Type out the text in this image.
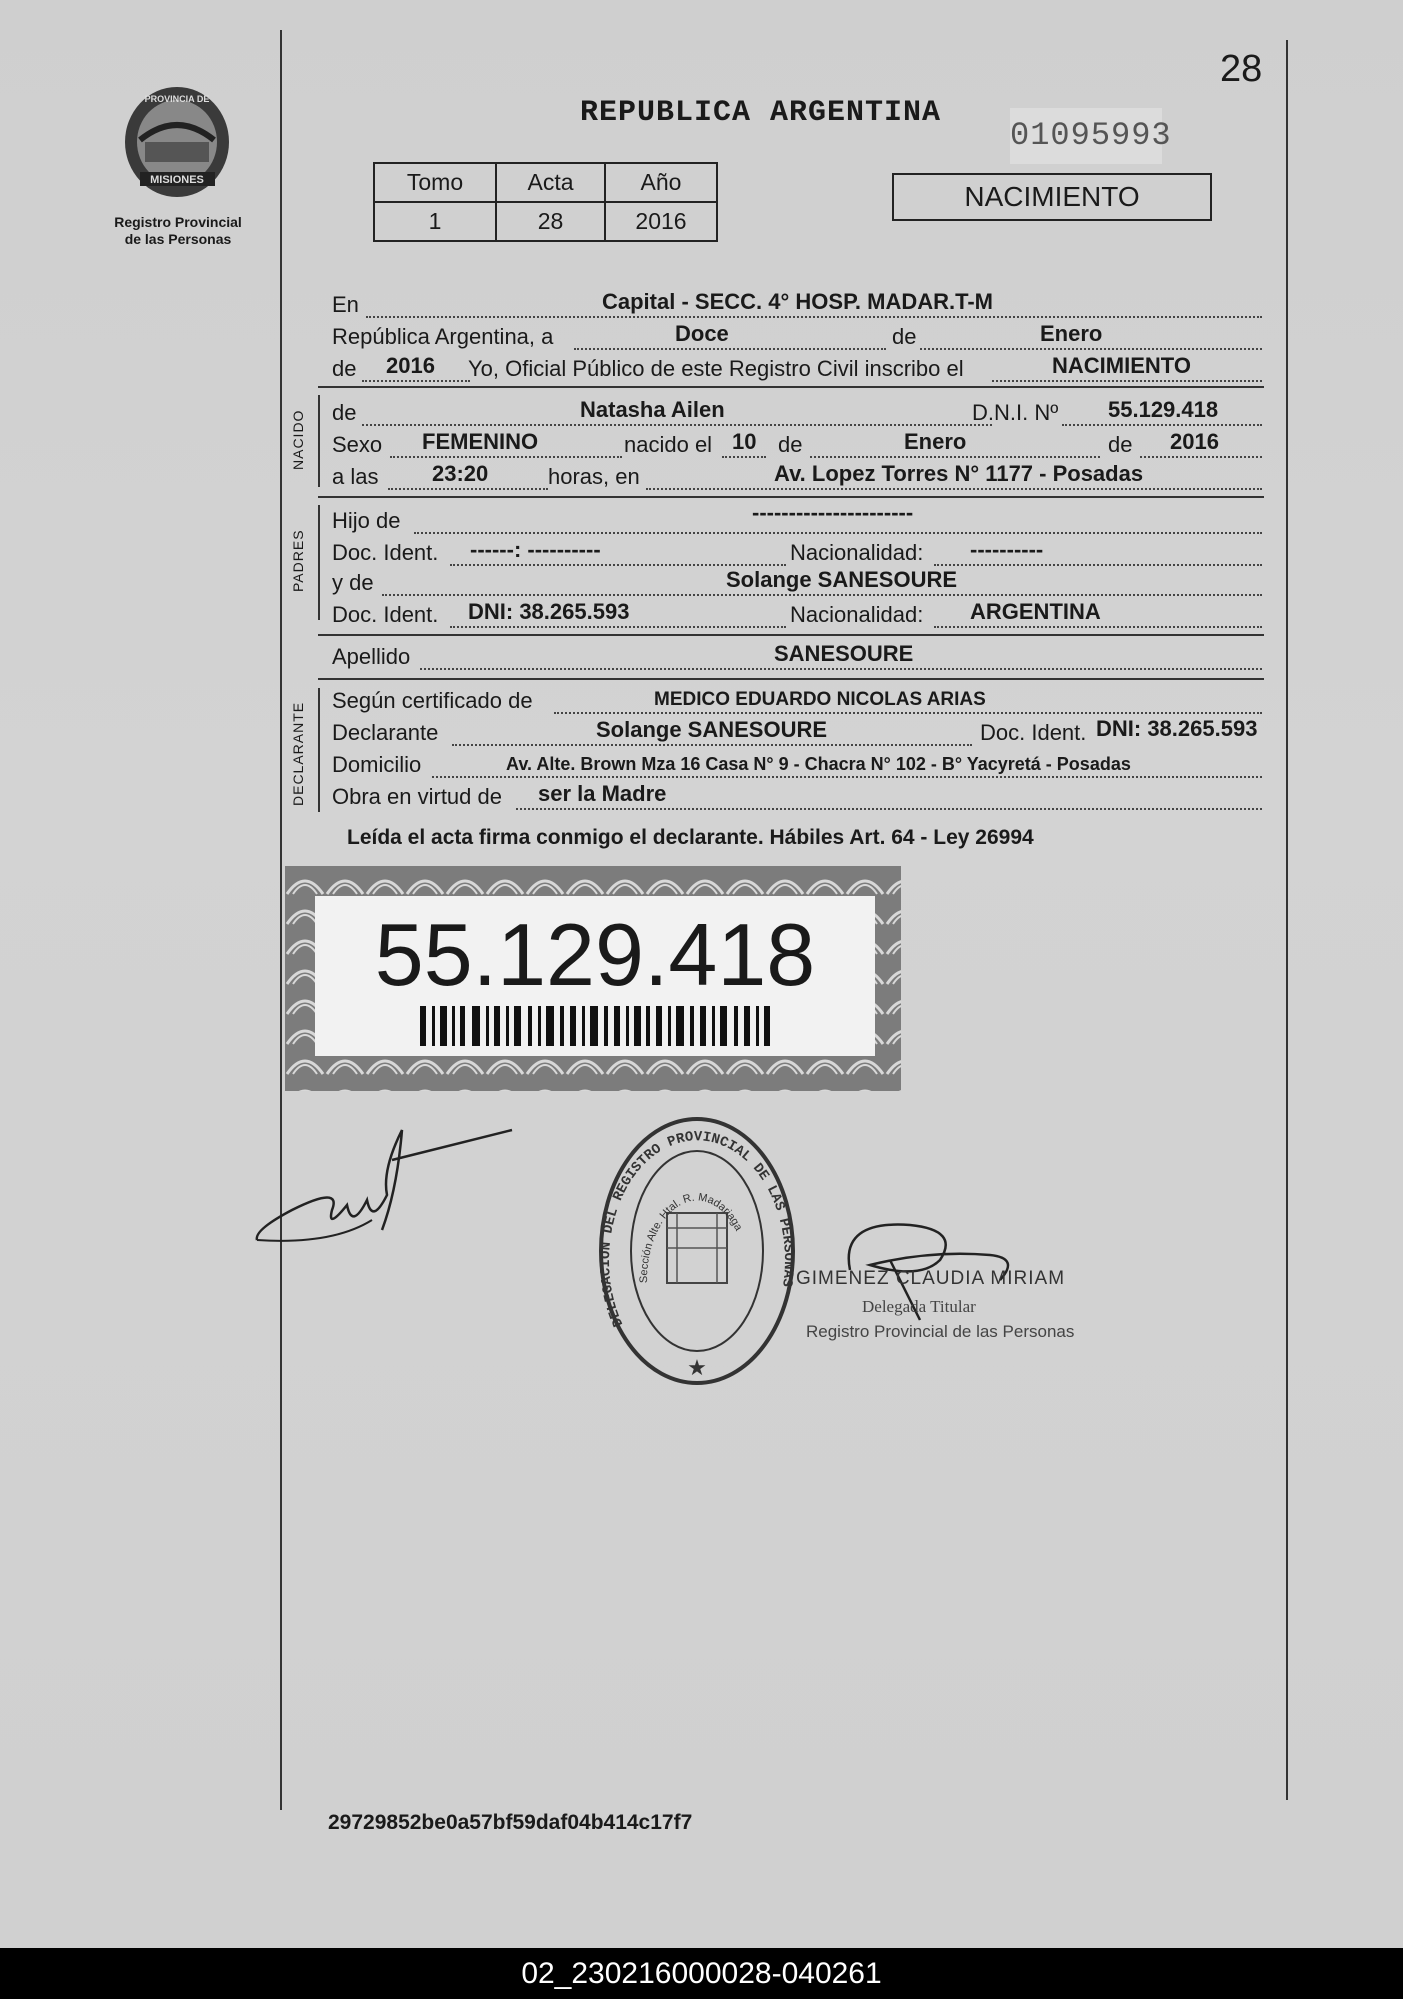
28
MISIONES
PROVINCIA DE
Registro Provincial
de las Personas
REPUBLICA ARGENTINA
01095993
Tomo	Acta	Año
1	28	2016
NACIMIENTO
En	Capital - SECC. 4° HOSP. MADAR.T-M
República Argentina, a	Doce	de	Enero
de 2016 Yo, Oficial Público de este Registro Civil inscribo el	NACIMIENTO
NACIDO de	Natasha Ailen	D.N.I. Nº 55.129.418
Sexo FEMENINO	nacido el 10 de	Enero	de 2016
a las 23:20	horas, en	Av. Lopez Torres N° 1177 - Posadas
PADRES
Hijo de	----------------------
Doc. Ident. ------: ----------	Nacionalidad: ----------
y de	Solange SANESOURE
Doc. Ident. DNI: 38.265.593	Nacionalidad: ARGENTINA
Apellido	SANESOURE
DECLARANTE
Según certificado de	MEDICO EDUARDO NICOLAS ARIAS
Declarante	Solange SANESOURE	Doc. Ident. DNI: 38.265.593
Domicilio	Av. Alte. Brown Mza 16 Casa N° 9 - Chacra N° 102 - B° Yacyretá - Posadas
Obra en virtud de ser la Madre
Leída el acta firma conmigo el declarante. Hábiles Art. 64 - Ley 26994
55.129.418
★
DELEGACION DEL REGISTRO PROVINCIAL DE LAS PERSONAS
Sección Alte. Htal. R. Madariaga
GIMENEZ CLAUDIA MIRIAM
Delegada Titular
Registro Provincial de las Personas
29729852be0a57bf59daf04b414c17f7
02_230216000028-040261
